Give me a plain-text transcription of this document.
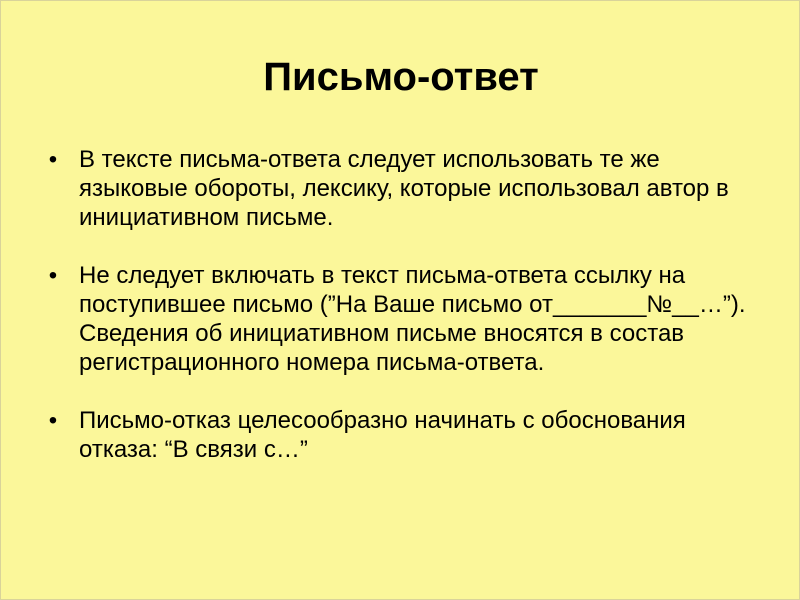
Письмо-ответ
• В тексте письма-ответа следует использовать те же языковые обороты, лексику, которые использовал автор в инициативном письме.
• Не следует включать в текст письма-ответа ссылку на поступившее письмо (”На Ваше письмо от_______№__…”). Сведения об инициативном письме вносятся в состав регистрационного номера письма-ответа.
• Письмо-отказ целесообразно начинать с обоснования отказа: “В связи с…”
